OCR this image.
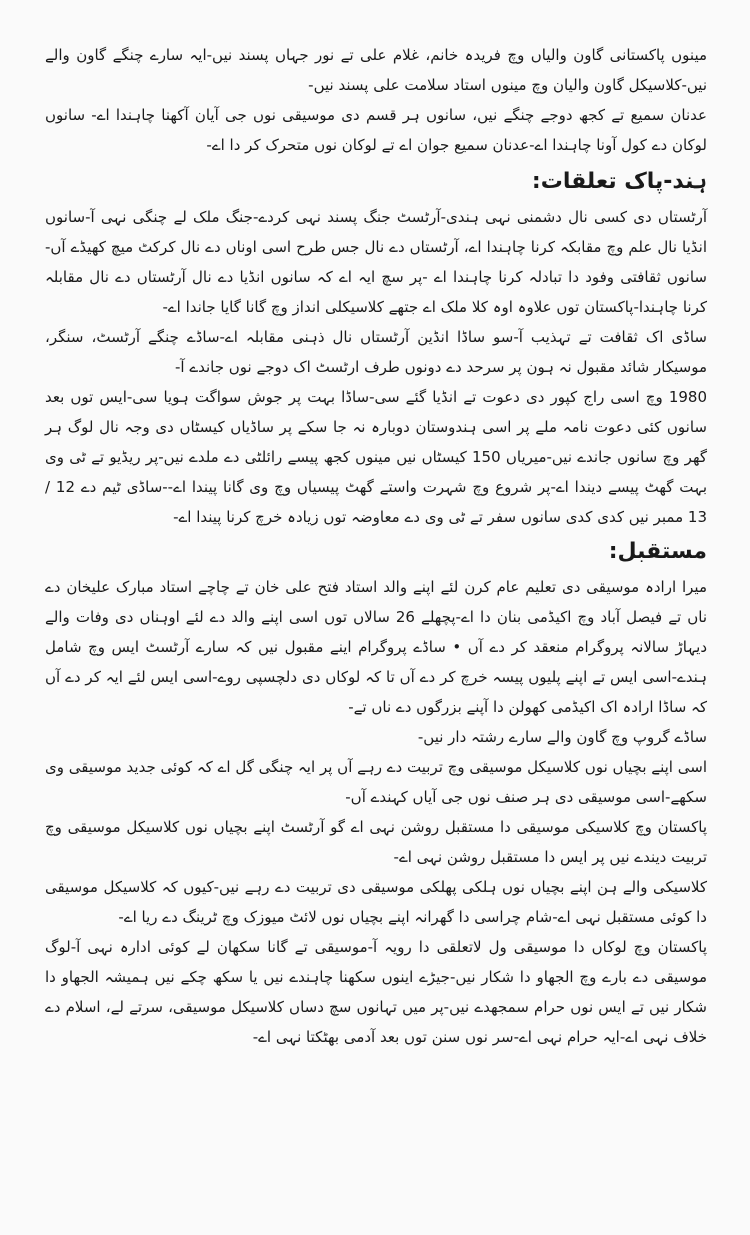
مینوں پاکستانی گاون والیاں وچ فریدہ خانم، غلام علی تے نور جہاں پسند نیں-ایہ سارے چنگے گاون والے نیں-کلاسیکل گاون والیان وچ مینوں استاد سلامت علی پسند نیں-

عدنان سمیع تے کجھ دوجے چنگے نیں، سانوں ہر قسم دی موسیقی نوں جی آیان آکھنا چاہندا اے- سانوں لوکان دے کول آونا چاہندا اے-عدنان سمیع جوان اے تے لوکان نوں متحرک کر دا اے-

ہند-پاک تعلقات:

آرٹستاں دی کسی نال دشمنی نہی ہندی-آرٹسٹ جنگ پسند نہی کردے-جنگ ملک لے چنگی نہی آ-سانوں انڈیا نال علم وچ مقابکہ کرنا چاہندا اے، آرٹستاں دے نال جس طرح اسی اوناں دے نال کرکٹ میچ کھیڈے آں-سانوں ثقافتی وفود دا تبادلہ کرنا چاہندا اے -پر سچ ایہ اے کہ سانوں انڈیا دے نال آرٹستاں دے نال مقابلہ کرنا چاہندا-پاکستان توں علاوہ اوہ کلا ملک اے جتھے کلاسیکلی انداز وچ گانا گایا جاندا اے-

ساڈی اک ثقافت تے تہذیب آ-سو ساڈا انڈین آرٹستاں نال ذہنی مقابلہ اے-ساڈے چنگے آرٹسٹ، سنگر، موسیکار شائد مقبول نہ ہون پر سرحد دے دونوں طرف ارٹسٹ اک دوجے نوں جاندے آ-

1980 وچ اسی راج کپور دی دعوت تے انڈیا گئے سی-ساڈا بہت پر جوش سواگت ہویا سی-ایس توں بعد سانوں کئی دعوت نامہ ملے پر اسی ہندوستان دوبارہ نہ جا سکے پر ساڈیاں کیسٹاں دی وجہ نال لوگ ہر گھر وچ سانوں جاندے نیں-میریاں 150 کیسٹاں نیں مینوں کجھ پیسے رائلٹی دے ملدے نیں-پر ریڈیو تے ٹی وی بہت گھٹ پیسے دیندا اے-پر شروع وچ شہرت واستے گھٹ پیسیاں وچ وی گانا پیندا اے--ساڈی ٹیم دے 12 / 13 ممبر نیں کدی کدی سانوں سفر تے ٹی وی دے معاوضہ توں زیادہ خرچ کرنا پیندا اے-

مستقبل:

میرا ارادہ موسیقی دی تعلیم عام کرن لئے اپنے والد استاد فتح علی خان تے چاچے استاد مبارک علیخان دے ناں تے فیصل آباد وچ اکیڈمی بنان دا اے-پچھلے 26 سالاں توں اسی اپنے والد دے لئے اوہناں دی وفات والے دیہاڑ سالانہ پروگرام منعقد کر دے آں • ساڈے پروگرام اینے مقبول نیں کہ سارے آرٹسٹ ایس وچ شامل ہندے-اسی ایس تے اپنے پلیوں پیسہ خرچ کر دے آں تا کہ لوکاں دی دلچسپی روے-اسی ایس لئے ایہ کر دے آں کہ ساڈا ارادہ اک اکیڈمی کھولن دا آپنے بزرگوں دے ناں تے-

ساڈے گروپ وچ گاون والے سارے رشتہ دار نیں-

اسی اپنے بچیاں نوں کلاسیکل موسیقی وچ تربیت دے رہے آں پر ایہ چنگی گل اے کہ کوئی جدید موسیقی وی سکھے-اسی موسیقی دی ہر صنف نوں جی آیاں کہندے آں-

پاکستان وچ کلاسیکی موسیقی دا مستقبل روشن نہی اے گو آرٹسٹ اپنے بچیاں نوں کلاسیکل موسیقی وچ تربیت دیندے نیں پر ایس دا مستقبل روشن نہی اے-

کلاسیکی والے ہن اپنے بچیاں نوں ہلکی پھلکی موسیقی دی تربیت دے رہے نیں-کیوں کہ کلاسیکل موسیقی دا کوئی مستقبل نہی اے-شام چراسی دا گھرانہ اپنے بچیاں نوں لائٹ میوزک وچ ٹرینگ دے ریا اے-

پاکستان وچ لوکاں دا موسیقی ول لاتعلقی دا رویہ آ-موسیقی تے گانا سکھان لے کوئی ادارہ نہی آ-لوگ موسیقی دے بارے وچ الجھاو دا شکار نیں-جیڑے اینوں سکھنا چاہندے نیں یا سکھ چکے نیں ہمیشہ الجھاو دا شکار نیں تے ایس نوں حرام سمجھدے نیں-پر میں تہانوں سچ دساں کلاسیکل موسیقی، سرتے لے، اسلام دے خلاف نہی اے-ایہ حرام نہی اے-سر نوں سنن توں بعد آدمی بھٹکتا نہی اے-
